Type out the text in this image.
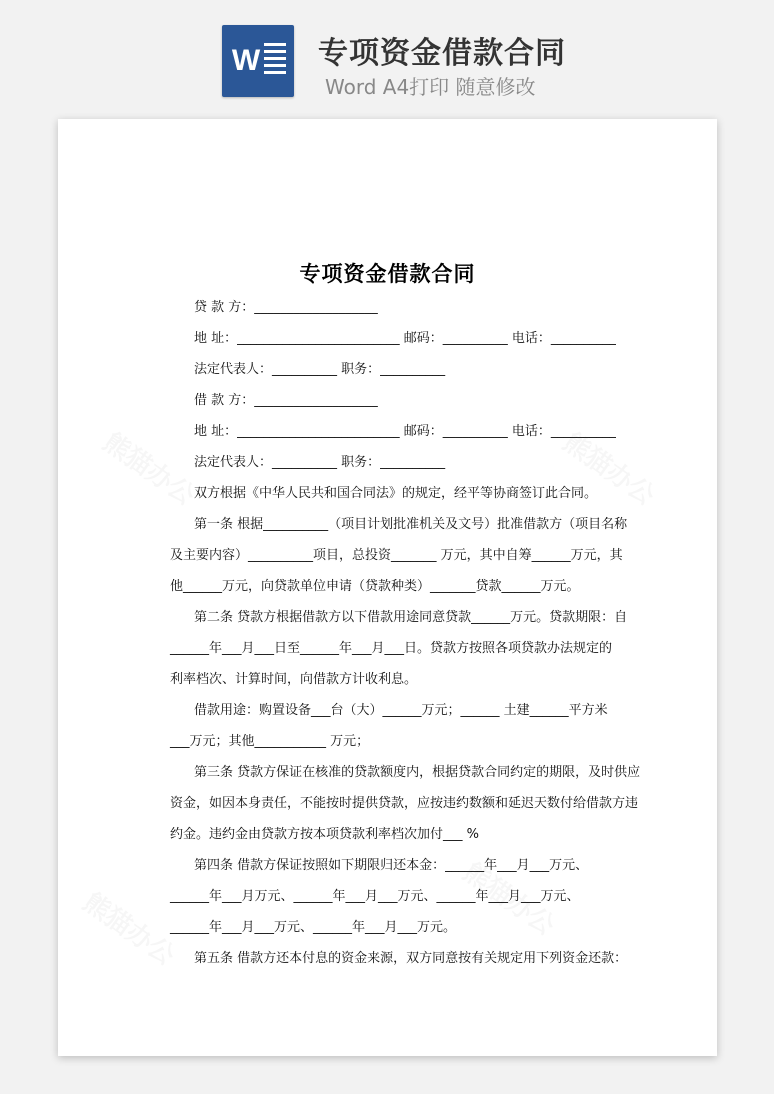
W 专项资金借款合同
Word A4打印 随意修改
专项资金借款合同
贷 款 方：___________________
地 址：_________________________ 邮码：__________ 电话：__________
法定代表人：__________ 职务：__________
借 款 方：___________________
地 址：_________________________ 邮码：__________ 电话：__________
法定代表人：__________ 职务：__________
双方根据《中华人民共和国合同法》的规定，经平等协商签订此合同。
第一条 根据__________（项目计划批准机关及文号）批准借款方（项目名称
及主要内容）__________项目，总投资_______ 万元，其中自筹______万元，其
他______万元，向贷款单位申请（贷款种类）_______贷款______万元。
第二条 贷款方根据借款方以下借款用途同意贷款______万元。贷款期限：自
______年___月___日至______年___月___日。贷款方按照各项贷款办法规定的
利率档次、计算时间，向借款方计收利息。
借款用途：购置设备___台（大）______万元；______ 土建______平方米
___万元；其他___________ 万元；
第三条 贷款方保证在核准的贷款额度内，根据贷款合同约定的期限，及时供应
资金，如因本身责任，不能按时提供贷款，应按违约数额和延迟天数付给借款方违
约金。违约金由贷款方按本项贷款利率档次加付___ %
第四条 借款方保证按照如下期限归还本金：______年___月___万元、
______年___月万元、______年___月___万元、______年___月___万元、
______年___月___万元、______年___月___万元。
第五条 借款方还本付息的资金来源，双方同意按有关规定用下列资金还款：
